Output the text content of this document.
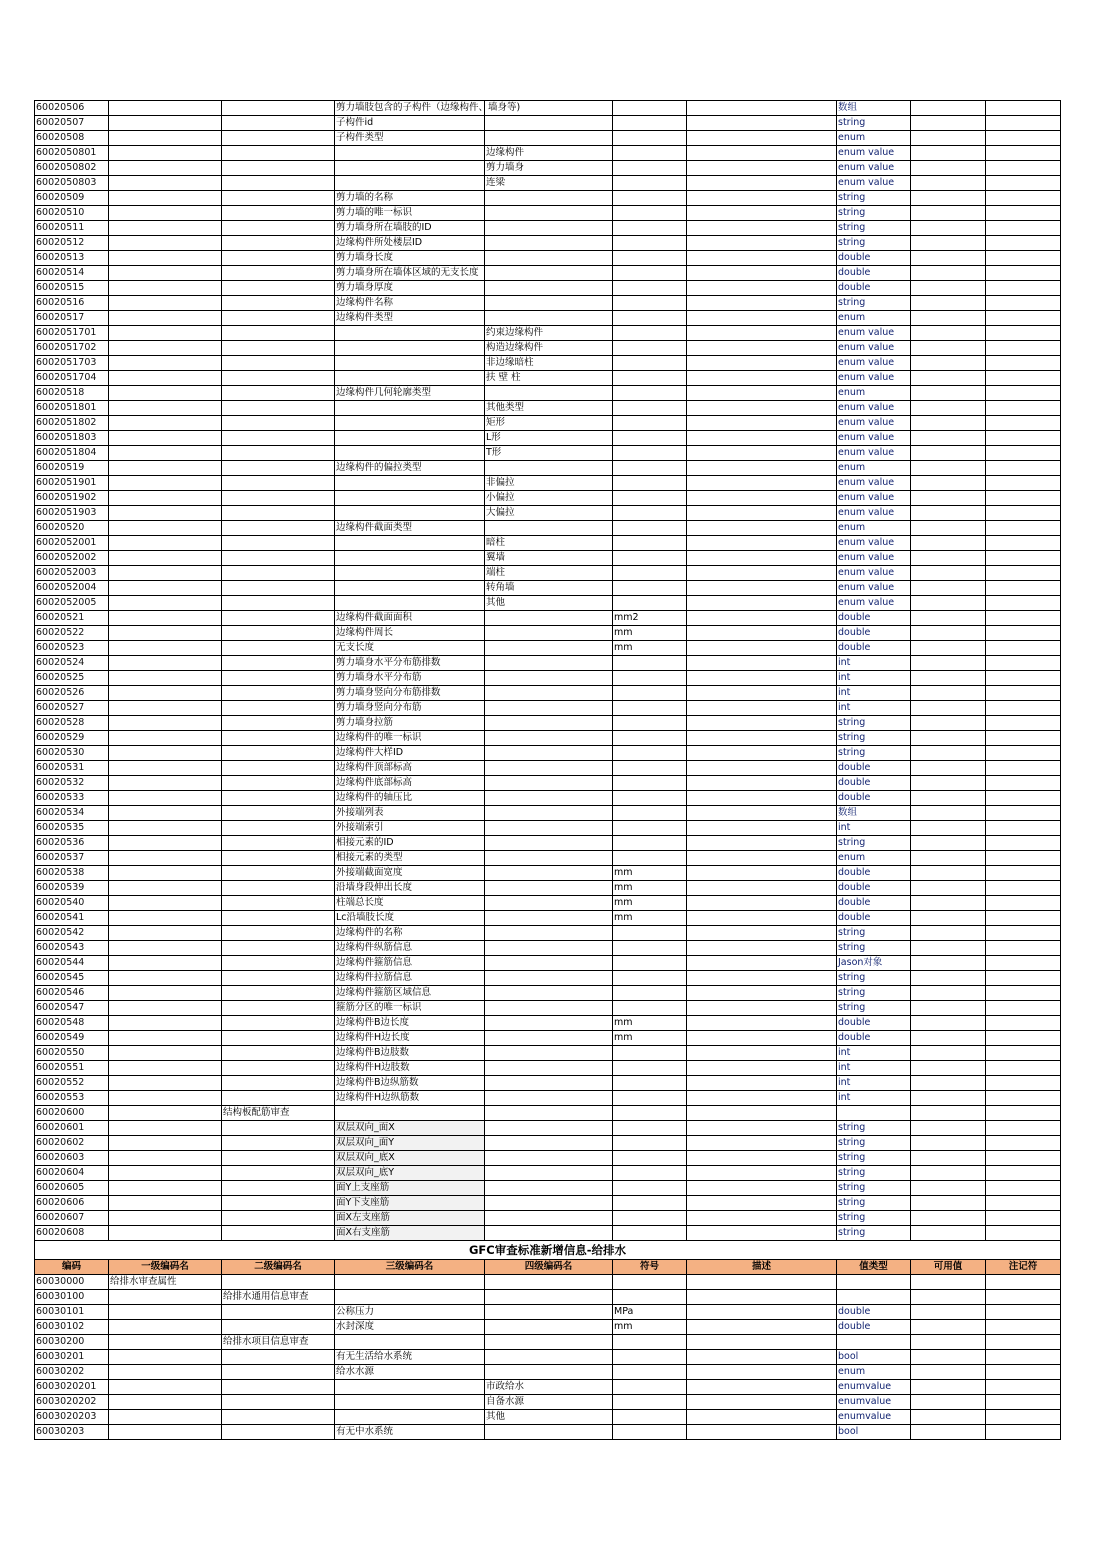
60020506			剪力墙肢包含的子构件（边缘构件、墙身等)				数组		
60020507			子构件id				string		
60020508			子构件类型				enum		
6002050801				边缘构件			enum value		
6002050802				剪力墙身			enum value		
6002050803				连梁			enum value		
60020509			剪力墙的名称				string		
60020510			剪力墙的唯一标识				string		
60020511			剪力墙身所在墙肢的ID				string		
60020512			边缘构件所处楼层ID				string		
60020513			剪力墙身长度				double		
60020514			剪力墙身所在墙体区域的无支长度				double		
60020515			剪力墙身厚度				double		
60020516			边缘构件名称				string		
60020517			边缘构件类型				enum		
6002051701				约束边缘构件			enum value		
6002051702				构造边缘构件			enum value		
6002051703				非边缘暗柱			enum value		
6002051704				扶 壁 柱			enum value		
60020518			边缘构件几何轮廓类型				enum		
6002051801				其他类型			enum value		
6002051802				矩形			enum value		
6002051803				L形			enum value		
6002051804				T形			enum value		
60020519			边缘构件的偏拉类型				enum		
6002051901				非偏拉			enum value		
6002051902				小偏拉			enum value		
6002051903				大偏拉			enum value		
60020520			边缘构件截面类型				enum		
6002052001				暗柱			enum value		
6002052002				翼墙			enum value		
6002052003				端柱			enum value		
6002052004				转角墙			enum value		
6002052005				其他			enum value		
60020521			边缘构件截面面积		mm2		double		
60020522			边缘构件周长		mm		double		
60020523			无支长度		mm		double		
60020524			剪力墙身水平分布筋排数				int		
60020525			剪力墙身水平分布筋				int		
60020526			剪力墙身竖向分布筋排数				int		
60020527			剪力墙身竖向分布筋				int		
60020528			剪力墙身拉筋				string		
60020529			边缘构件的唯一标识				string		
60020530			边缘构件大样ID				string		
60020531			边缘构件顶部标高				double		
60020532			边缘构件底部标高				double		
60020533			边缘构件的轴压比				double		
60020534			外接端列表				数组		
60020535			外接端索引				int		
60020536			相接元素的ID				string		
60020537			相接元素的类型				enum		
60020538			外接端截面宽度		mm		double		
60020539			沿墙身段伸出长度		mm		double		
60020540			柱端总长度		mm		double		
60020541			Lc沿墙肢长度		mm		double		
60020542			边缘构件的名称				string		
60020543			边缘构件纵筋信息				string		
60020544			边缘构件箍筋信息				Jason对象		
60020545			边缘构件拉筋信息				string		
60020546			边缘构件箍筋区域信息				string		
60020547			箍筋分区的唯一标识				string		
60020548			边缘构件B边长度		mm		double		
60020549			边缘构件H边长度		mm		double		
60020550			边缘构件B边肢数				int		
60020551			边缘构件H边肢数				int		
60020552			边缘构件B边纵筋数				int		
60020553			边缘构件H边纵筋数				int		
60020600		结构板配筋审查							
60020601			双层双向_面X				string		
60020602			双层双向_面Y				string		
60020603			双层双向_底X				string		
60020604			双层双向_底Y				string		
60020605			面Y上支座筋				string		
60020606			面Y下支座筋				string		
60020607			面X左支座筋				string		
60020608			面X右支座筋				string		
GFC审查标准新增信息-给排水									
编码	一级编码名	二级编码名	三级编码名	四级编码名	符号	描述	值类型	可用值	注记符
60030000	给排水审查属性								
60030100		给排水通用信息审查							
60030101			公称压力		MPa		double		
60030102			水封深度		mm		double		
60030200		给排水项目信息审查							
60030201			有无生活给水系统				bool		
60030202			给水水源				enum		
6003020201				市政给水			enumvalue		
6003020202				自备水源			enumvalue		
6003020203				其他			enumvalue		
60030203			有无中水系统				bool		
